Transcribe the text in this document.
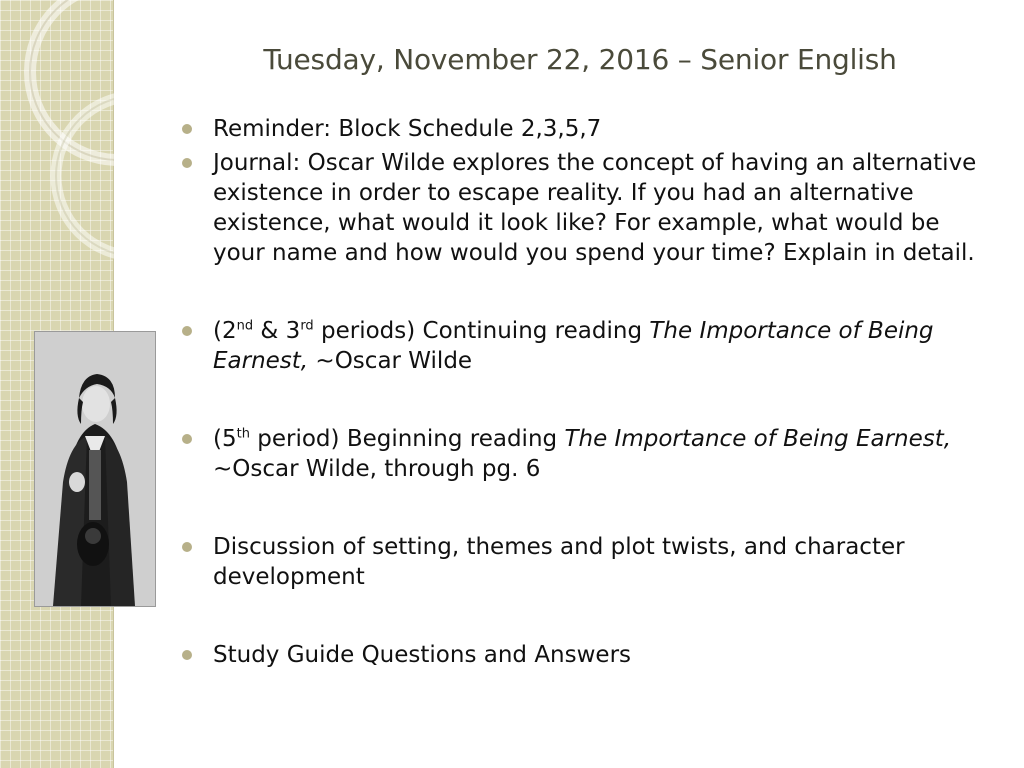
Tuesday, November 22, 2016 – Senior English

Reminder: Block Schedule 2,3,5,7

Journal: Oscar Wilde explores the concept of having an alternative existence in order to escape reality. If you had an alternative existence, what would it look like? For example, what would be your name and how would you spend your time? Explain in detail.

(2nd & 3rd periods) Continuing reading The Importance of Being Earnest, ~Oscar Wilde

(5th period) Beginning reading The Importance of Being Earnest, ~Oscar Wilde, through pg. 6

Discussion of setting, themes and plot twists, and character development

Study Guide Questions and Answers
